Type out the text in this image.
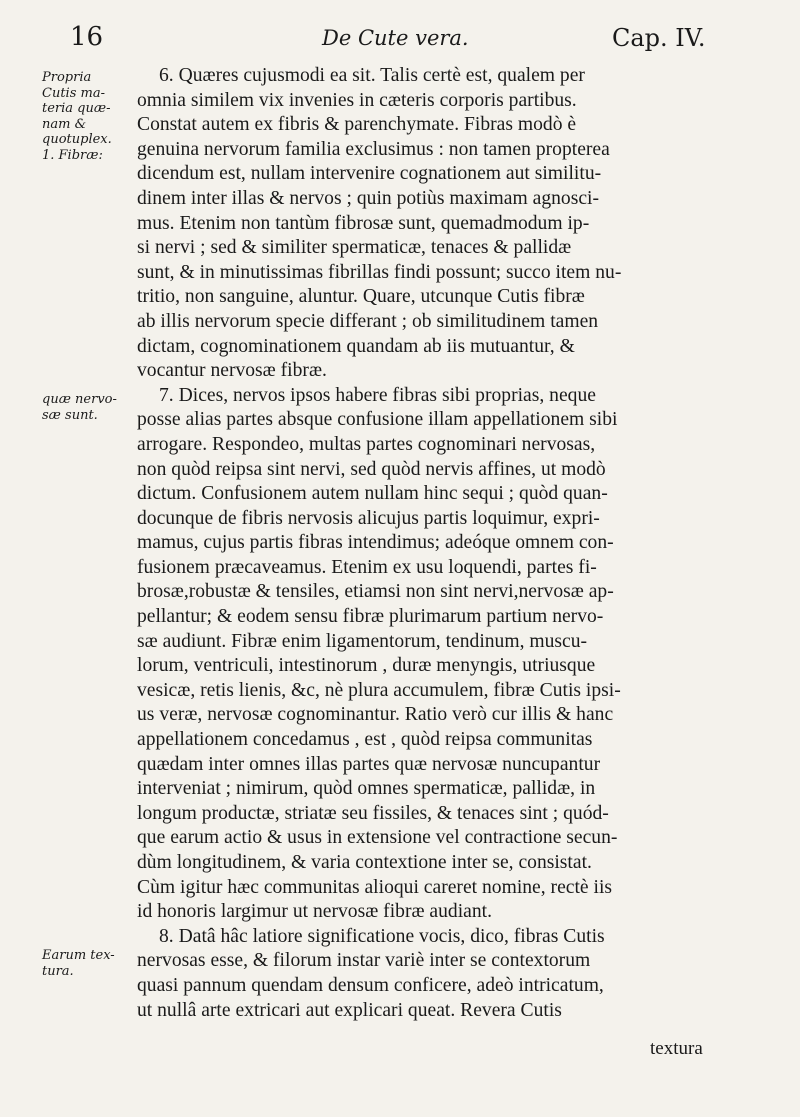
16	De Cute vera.	Cap. IV.
Propria
Cutis ma-
teria quæ-
nam &
quotuplex.
1. Fibræ:
quæ nervo-
sæ sunt.
Earum tex-
tura.
6. Quæres cujusmodi ea sit. Talis certè est, qualem per
omnia similem vix invenies in cæteris corporis partibus.
Constat autem ex fibris & parenchymate. Fibras modò è
genuina nervorum familia exclusimus : non tamen propterea
dicendum est, nullam intervenire cognationem aut similitu-
dinem inter illas & nervos ; quin potiùs maximam agnosci-
mus. Etenim non tantùm fibrosæ sunt, quemadmodum ip-
si nervi ; sed & similiter spermaticæ, tenaces & pallidæ
sunt, & in minutissimas fibrillas findi possunt; succo item nu-
tritio, non sanguine, aluntur. Quare, utcunque Cutis fibræ
ab illis nervorum specie differant ; ob similitudinem tamen
dictam, cognominationem quandam ab iis mutuantur, &
vocantur nervosæ fibræ.
7. Dices, nervos ipsos habere fibras sibi proprias, neque
posse alias partes absque confusione illam appellationem sibi
arrogare. Respondeo, multas partes cognominari nervosas,
non quòd reipsa sint nervi, sed quòd nervis affines, ut modò
dictum. Confusionem autem nullam hinc sequi ; quòd quan-
docunque de fibris nervosis alicujus partis loquimur, expri-
mamus, cujus partis fibras intendimus; adeóque omnem con-
fusionem præcaveamus. Etenim ex usu loquendi, partes fi-
brosæ,robustæ & tensiles, etiamsi non sint nervi,nervosæ ap-
pellantur; & eodem sensu fibræ plurimarum partium nervo-
sæ audiunt. Fibræ enim ligamentorum, tendinum, muscu-
lorum, ventriculi, intestinorum , duræ menyngis, utriusque
vesicæ, retis lienis, &c, nè plura accumulem, fibræ Cutis ipsi-
us veræ, nervosæ cognominantur. Ratio verò cur illis & hanc
appellationem concedamus , est , quòd reipsa communitas
quædam inter omnes illas partes quæ nervosæ nuncupantur
interveniat ; nimirum, quòd omnes spermaticæ, pallidæ, in
longum productæ, striatæ seu fissiles, & tenaces sint ; quód-
que earum actio & usus in extensione vel contractione secun-
dùm longitudinem, & varia contextione inter se, consistat.
Cùm igitur hæc communitas alioqui careret nomine, rectè iis
id honoris largimur ut nervosæ fibræ audiant.
8. Datâ hâc latiore significatione vocis, dico, fibras Cutis
nervosas esse, & filorum instar variè inter se contextorum
quasi pannum quendam densum conficere, adeò intricatum,
ut nullâ arte extricari aut explicari queat. Revera Cutis
textura
